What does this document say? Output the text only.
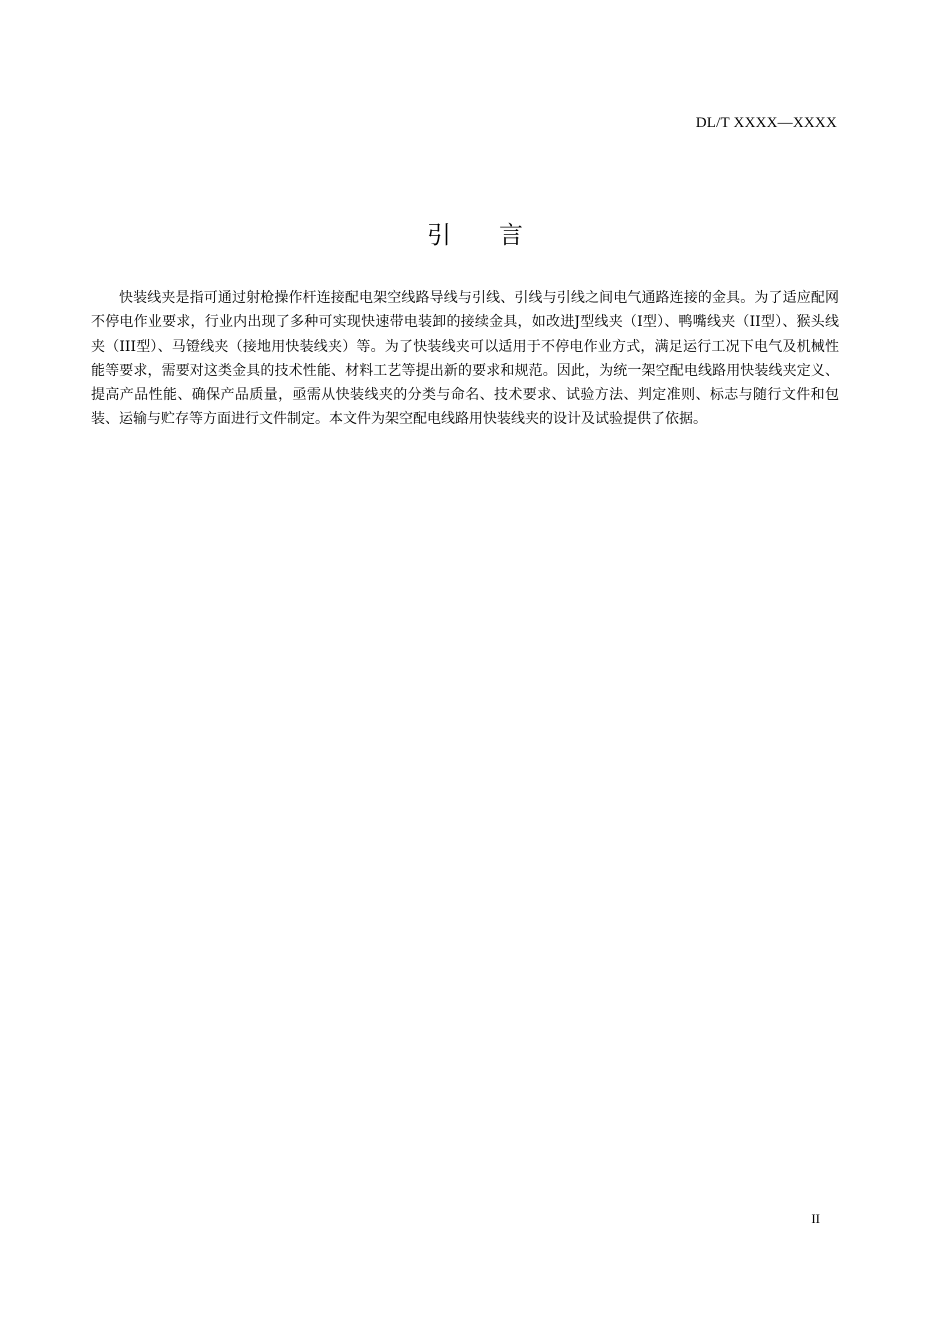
DL/T XXXX—XXXX
引 言

快装线夹是指可通过射枪操作杆连接配电架空线路导线与引线、引线与引线之间电气通路连接的金具。为了适应配网不停电作业要求，行业内出现了多种可实现快速带电装卸的接续金具，如改进J型线夹（I型）、鸭嘴线夹（II型）、猴头线夹（III型）、马镫线夹（接地用快装线夹）等。为了快装线夹可以适用于不停电作业方式，满足运行工况下电气及机械性能等要求，需要对这类金具的技术性能、材料工艺等提出新的要求和规范。因此，为统一架空配电线路用快装线夹定义、提高产品性能、确保产品质量，亟需从快装线夹的分类与命名、技术要求、试验方法、判定准则、标志与随行文件和包装、运输与贮存等方面进行文件制定。本文件为架空配电线路用快装线夹的设计及试验提供了依据。

II
